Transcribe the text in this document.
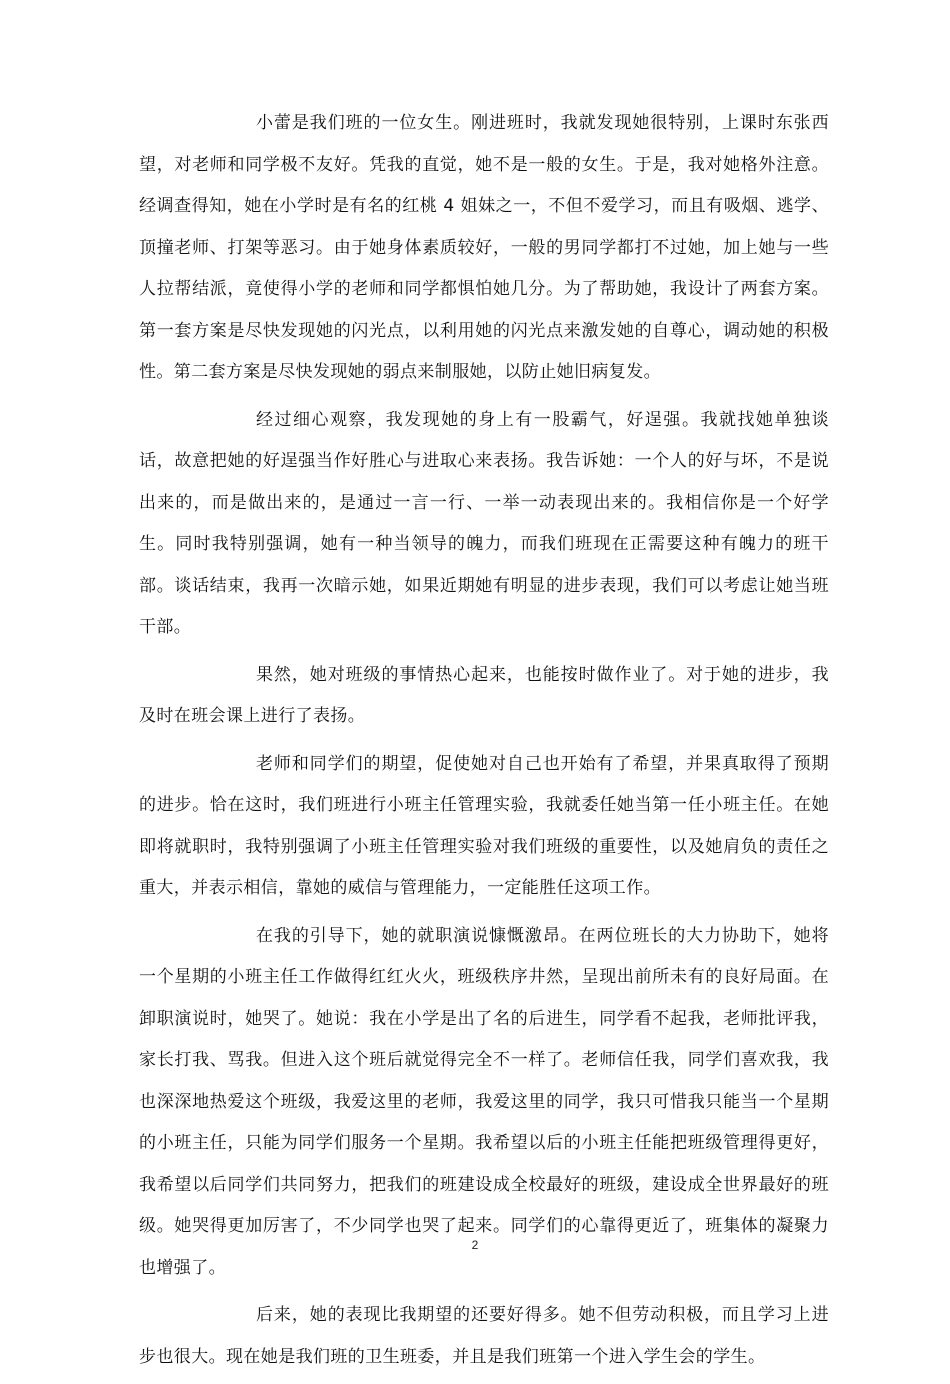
小蕾是我们班的一位女生。刚进班时，我就发现她很特别，上课时东张西望，对老师和同学极不友好。凭我的直觉，她不是一般的女生。于是，我对她格外注意。经调查得知，她在小学时是有名的红桃 4 姐妹之一，不但不爱学习，而且有吸烟、逃学、顶撞老师、打架等恶习。由于她身体素质较好，一般的男同学都打不过她，加上她与一些人拉帮结派，竟使得小学的老师和同学都惧怕她几分。为了帮助她，我设计了两套方案。第一套方案是尽快发现她的闪光点，以利用她的闪光点来激发她的自尊心，调动她的积极性。第二套方案是尽快发现她的弱点来制服她，以防止她旧病复发。

经过细心观察，我发现她的身上有一股霸气，好逞强。我就找她单独谈话，故意把她的好逞强当作好胜心与进取心来表扬。我告诉她：一个人的好与坏，不是说出来的，而是做出来的，是通过一言一行、一举一动表现出来的。我相信你是一个好学生。同时我特别强调，她有一种当领导的魄力，而我们班现在正需要这种有魄力的班干部。谈话结束，我再一次暗示她，如果近期她有明显的进步表现，我们可以考虑让她当班干部。

果然，她对班级的事情热心起来，也能按时做作业了。对于她的进步，我及时在班会课上进行了表扬。

老师和同学们的期望，促使她对自己也开始有了希望，并果真取得了预期的进步。恰在这时，我们班进行小班主任管理实验，我就委任她当第一任小班主任。在她即将就职时，我特别强调了小班主任管理实验对我们班级的重要性，以及她肩负的责任之重大，并表示相信，靠她的威信与管理能力，一定能胜任这项工作。

在我的引导下，她的就职演说慷慨激昂。在两位班长的大力协助下，她将一个星期的小班主任工作做得红红火火，班级秩序井然，呈现出前所未有的良好局面。在卸职演说时，她哭了。她说：我在小学是出了名的后进生，同学看不起我，老师批评我，家长打我、骂我。但进入这个班后就觉得完全不一样了。老师信任我，同学们喜欢我，我也深深地热爱这个班级，我爱这里的老师，我爱这里的同学，我只可惜我只能当一个星期的小班主任，只能为同学们服务一个星期。我希望以后的小班主任能把班级管理得更好，我希望以后同学们共同努力，把我们的班建设成全校最好的班级，建设成全世界最好的班级。她哭得更加厉害了，不少同学也哭了起来。同学们的心靠得更近了，班集体的凝聚力也增强了。

后来，她的表现比我期望的还要好得多。她不但劳动积极，而且学习上进步也很大。现在她是我们班的卫生班委，并且是我们班第一个进入学生会的学生。

2
